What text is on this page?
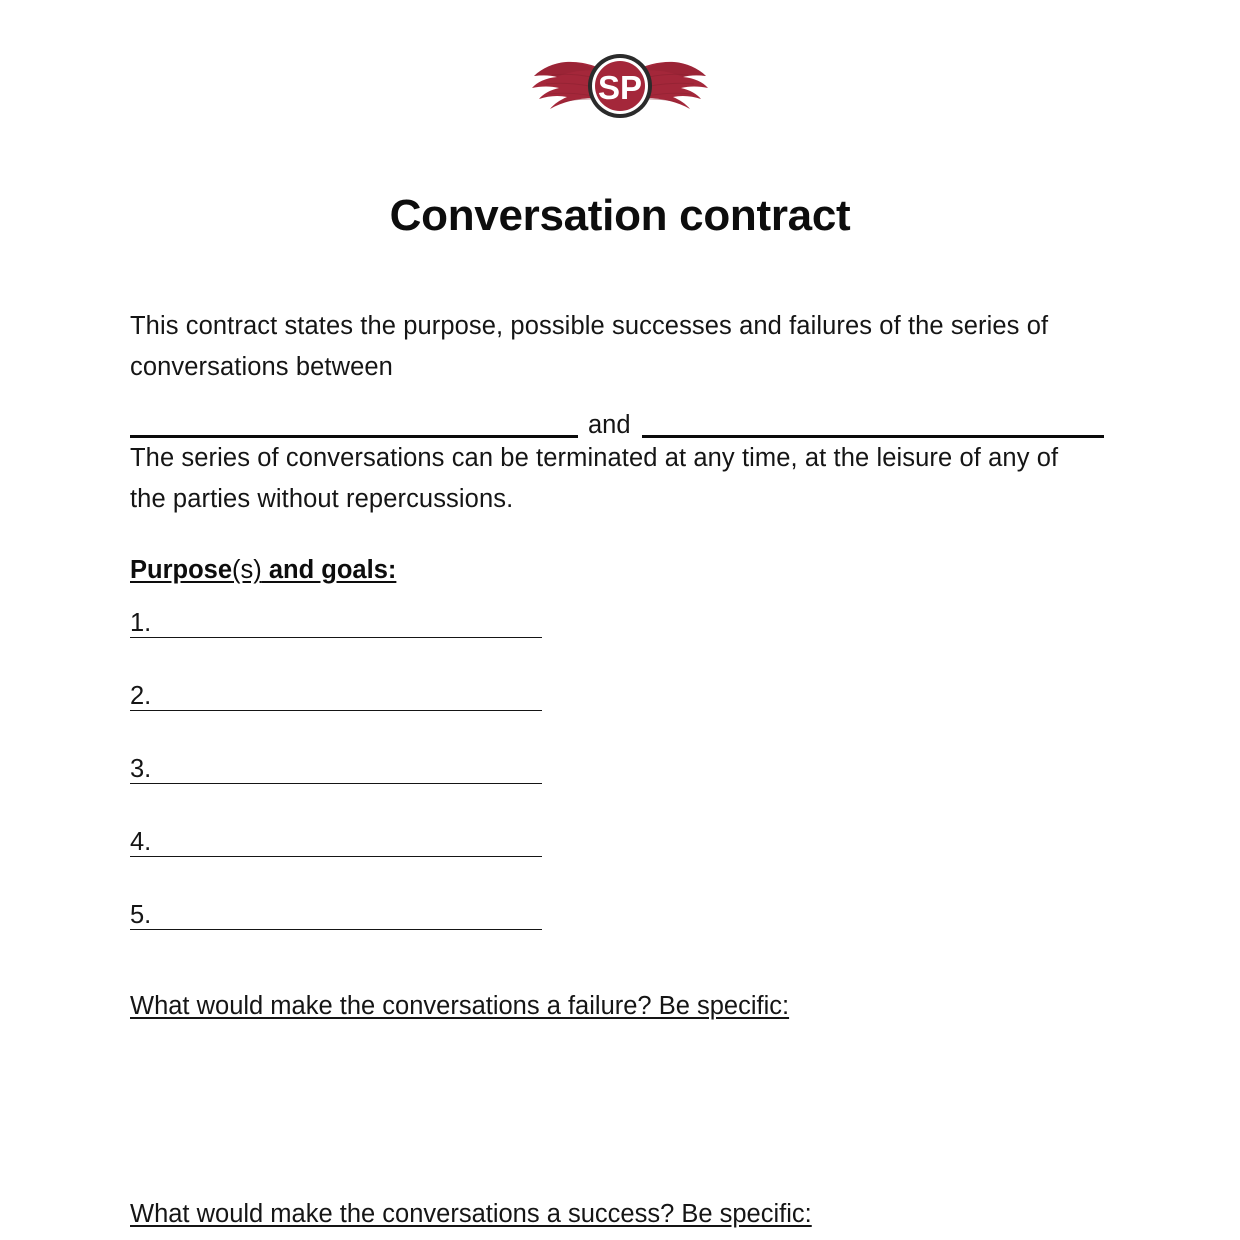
SP
Conversation contract

This contract states the purpose, possible successes and failures of the series of conversations between

and

The series of conversations can be terminated at any time, at the leisure of any of the parties without repercussions.

Purpose(s) and goals:
1.
2.
3.
4.
5.
What would make the conversations a failure? Be specific:
What would make the conversations a success? Be specific:
